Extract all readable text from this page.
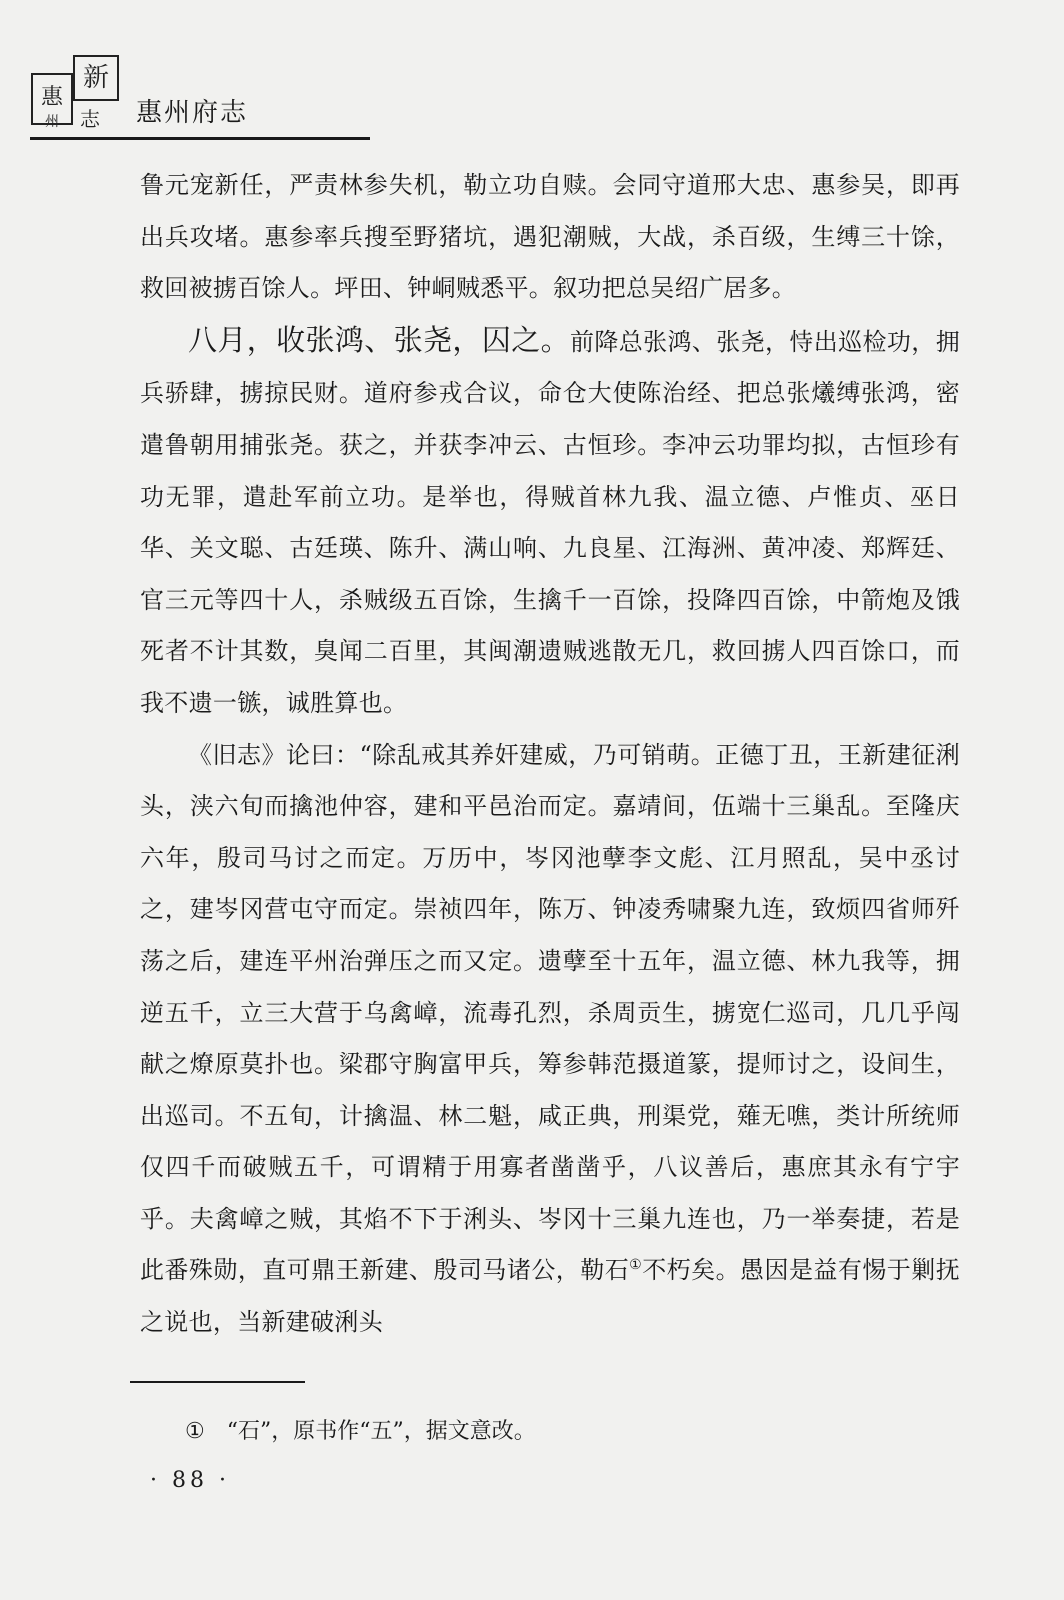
惠
新
志
州	惠州府志

鲁元宠新任，严责林参失机，勒立功自赎。会同守道邢大忠、惠参吴，即再出兵攻堵。惠参率兵搜至野猪坑，遇犯潮贼，大战，杀百级，生缚三十馀，救回被掳百馀人。坪田、钟峒贼悉平。叙功把总吴绍广居多。

八月，收张鸿、张尧，囚之。前降总张鸿、张尧，恃出巡检功，拥兵骄肆，掳掠民财。道府参戎合议，命仓大使陈治经、把总张爔缚张鸿，密遣鲁朝用捕张尧。获之，并获李冲云、古恒珍。李冲云功罪均拟，古恒珍有功无罪，遣赴军前立功。是举也，得贼首林九我、温立德、卢惟贞、巫日华、关文聪、古廷瑛、陈升、满山响、九良星、江海洲、黄冲凌、郑辉廷、官三元等四十人，杀贼级五百馀，生擒千一百馀，投降四百馀，中箭炮及饿死者不计其数，臭闻二百里，其闽潮遗贼逃散无几，救回掳人四百馀口，而我不遗一镞，诚胜算也。

《旧志》论曰：“除乱戒其养奸建威，乃可销萌。正德丁丑，王新建征浰头，浃六旬而擒池仲容，建和平邑治而定。嘉靖间，伍端十三巢乱。至隆庆六年，殷司马讨之而定。万历中，岑冈池孽李文彪、江月照乱，吴中丞讨之，建岑冈营屯守而定。崇祯四年，陈万、钟凌秀啸聚九连，致烦四省师歼荡之后，建连平州治弹压之而又定。遗孽至十五年，温立德、林九我等，拥逆五千，立三大营于乌禽嶂，流毒孔烈，杀周贡生，掳宽仁巡司，几几乎闯献之燎原莫扑也。梁郡守胸富甲兵，筹参韩范摄道篆，提师讨之，设间生，出巡司。不五旬，计擒温、林二魁，咸正典，刑渠党，薙无噍，类计所统师仅四千而破贼五千，可谓精于用寡者凿凿乎，八议善后，惠庶其永有宁宇乎。夫禽嶂之贼，其焰不下于浰头、岑冈十三巢九连也，乃一举奏捷，若是此番殊勋，直可鼎王新建、殷司马诸公，勒石①不朽矣。愚因是益有惕于剿抚之说也，当新建破浰头

① “石”，原书作“五”，据文意改。
· 88 ·
